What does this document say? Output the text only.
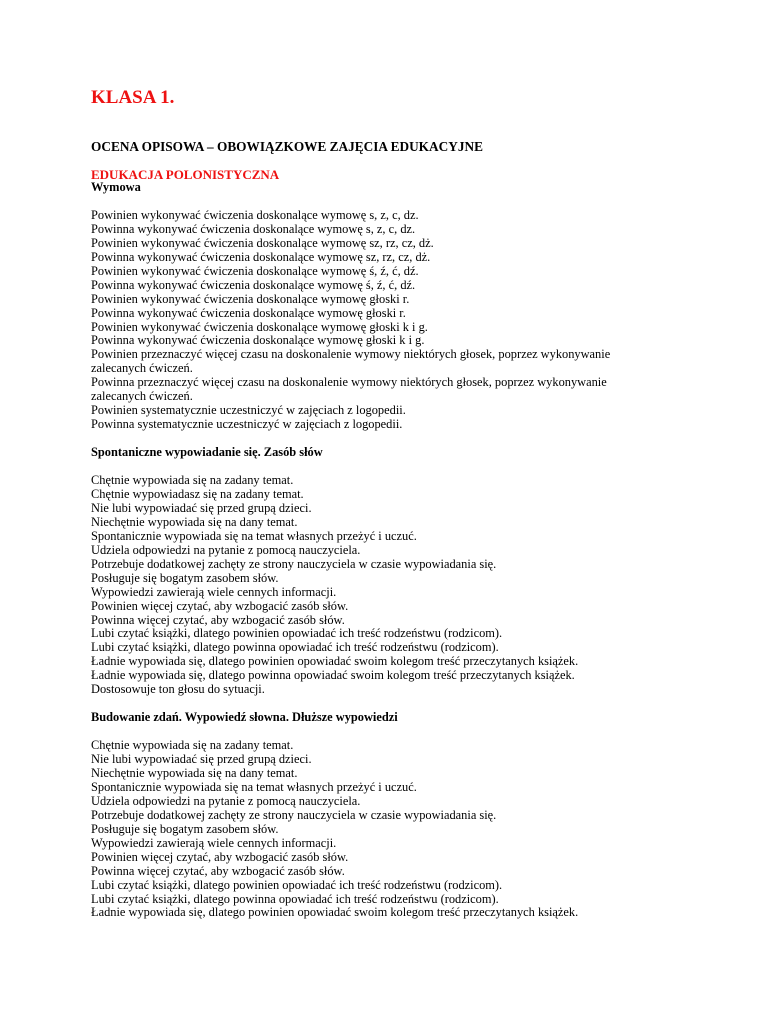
KLASA 1.
OCENA OPISOWA – OBOWIĄZKOWE ZAJĘCIA EDUKACYJNE
EDUKACJA POLONISTYCZNA

Wymowa

Powinien wykonywać ćwiczenia doskonalące wymowę s, z, c, dz.

Powinna wykonywać ćwiczenia doskonalące wymowę s, z, c, dz.

Powinien wykonywać ćwiczenia doskonalące wymowę sz, rz, cz, dż.

Powinna wykonywać ćwiczenia doskonalące wymowę sz, rz, cz, dż.

Powinien wykonywać ćwiczenia doskonalące wymowę ś, ź, ć, dź.

Powinna wykonywać ćwiczenia doskonalące wymowę ś, ź, ć, dź.

Powinien wykonywać ćwiczenia doskonalące wymowę głoski r.

Powinna wykonywać ćwiczenia doskonalące wymowę głoski r.

Powinien wykonywać ćwiczenia doskonalące wymowę głoski k i g.

Powinna wykonywać ćwiczenia doskonalące wymowę głoski k i g.

Powinien przeznaczyć więcej czasu na doskonalenie wymowy niektórych głosek, poprzez wykonywanie zalecanych ćwiczeń.

Powinna przeznaczyć więcej czasu na doskonalenie wymowy niektórych głosek, poprzez wykonywanie zalecanych ćwiczeń.

Powinien systematycznie uczestniczyć w zajęciach z logopedii.

Powinna systematycznie uczestniczyć w zajęciach z logopedii.

Spontaniczne wypowiadanie się. Zasób słów

Chętnie wypowiada się na zadany temat.

Chętnie wypowiadasz się na zadany temat.

Nie lubi wypowiadać się przed grupą dzieci.

Niechętnie wypowiada się na dany temat.

Spontanicznie wypowiada się na temat własnych przeżyć i uczuć.

Udziela odpowiedzi na pytanie z pomocą nauczyciela.

Potrzebuje dodatkowej zachęty ze strony nauczyciela w czasie wypowiadania się.

Posługuje się bogatym zasobem słów.

Wypowiedzi zawierają wiele cennych informacji.

Powinien więcej czytać, aby wzbogacić zasób słów.

Powinna więcej czytać, aby wzbogacić zasób słów.

Lubi czytać książki, dlatego powinien opowiadać ich treść rodzeństwu (rodzicom).

Lubi czytać książki, dlatego powinna opowiadać ich treść rodzeństwu (rodzicom).

Ładnie wypowiada się, dlatego powinien opowiadać swoim kolegom treść przeczytanych książek.

Ładnie wypowiada się, dlatego powinna opowiadać swoim kolegom treść przeczytanych książek.

Dostosowuje ton głosu do sytuacji.

Budowanie zdań. Wypowiedź słowna. Dłuższe wypowiedzi

Chętnie wypowiada się na zadany temat.

Nie lubi wypowiadać się przed grupą dzieci.

Niechętnie wypowiada się na dany temat.

Spontanicznie wypowiada się na temat własnych przeżyć i uczuć.

Udziela odpowiedzi na pytanie z pomocą nauczyciela.

Potrzebuje dodatkowej zachęty ze strony nauczyciela w czasie wypowiadania się.

Posługuje się bogatym zasobem słów.

Wypowiedzi zawierają wiele cennych informacji.

Powinien więcej czytać, aby wzbogacić zasób słów.

Powinna więcej czytać, aby wzbogacić zasób słów.

Lubi czytać książki, dlatego powinien opowiadać ich treść rodzeństwu (rodzicom).

Lubi czytać książki, dlatego powinna opowiadać ich treść rodzeństwu (rodzicom).

Ładnie wypowiada się, dlatego powinien opowiadać swoim kolegom treść przeczytanych książek.
